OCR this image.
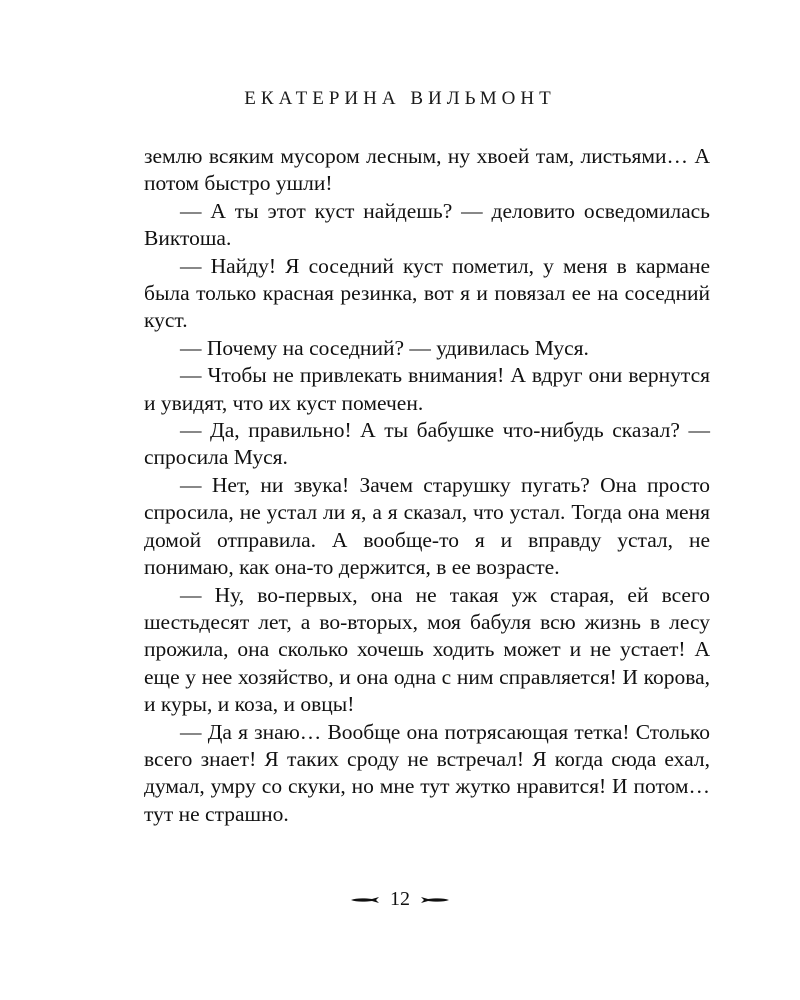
ЕКАТЕРИНА ВИЛЬМОНТ

землю всяким мусором лесным, ну хвоей там, листьями… А потом быстро ушли!

— А ты этот куст найдешь? — деловито осведомилась Виктоша.

— Найду! Я соседний куст пометил, у меня в кармане была только красная резинка, вот я и повязал ее на соседний куст.

— Почему на соседний? — удивилась Муся.

— Чтобы не привлекать внимания! А вдруг они вернутся и увидят, что их куст помечен.

— Да, правильно! А ты бабушке что-нибудь сказал? — спросила Муся.

— Нет, ни звука! Зачем старушку пугать? Она просто спросила, не устал ли я, а я сказал, что устал. Тогда она меня домой отправила. А вообще-то я и вправду устал, не понимаю, как она-то держится, в ее возрасте.

— Ну, во-первых, она не такая уж старая, ей всего шестьдесят лет, а во-вторых, моя бабуля всю жизнь в лесу прожила, она сколько хочешь ходить может и не устает! А еще у нее хозяйство, и она одна с ним справляется! И корова, и куры, и коза, и овцы!

— Да я знаю… Вообще она потрясающая тетка! Столько всего знает! Я таких сроду не встречал! Я когда сюда ехал, думал, умру со скуки, но мне тут жутко нравится! И потом… тут не страшно.

12
